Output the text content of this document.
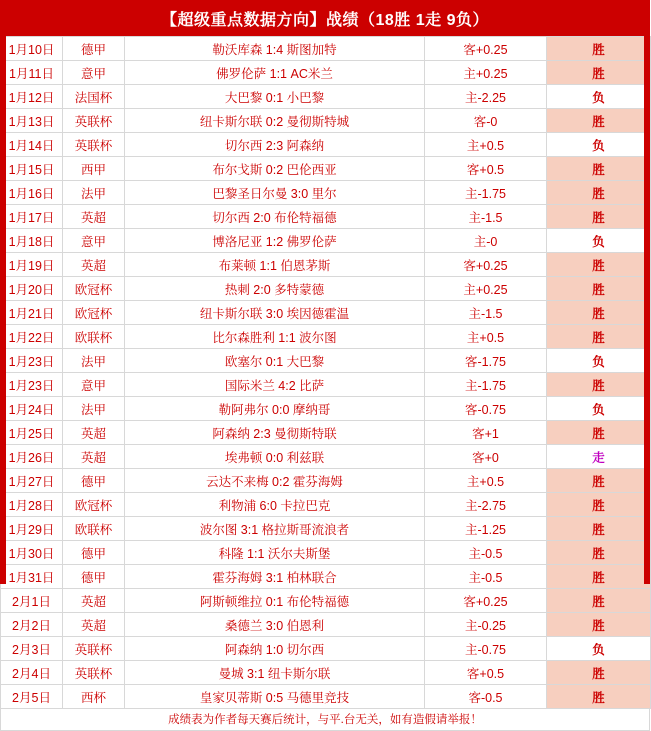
【超级重点数据方向】战绩（18胜 1走 9负）
1月10日	德甲	勒沃库森 1:4 斯图加特	客+0.25	胜
1月11日	意甲	佛罗伦萨 1:1 AC米兰	主+0.25	胜
1月12日	法国杯	大巴黎 0:1 小巴黎	主-2.25	负
1月13日	英联杯	纽卡斯尔联 0:2 曼彻斯特城	客-0	胜
1月14日	英联杯	切尔西 2:3 阿森纳	主+0.5	负
1月15日	西甲	布尔戈斯 0:2 巴伦西亚	客+0.5	胜
1月16日	法甲	巴黎圣日尔曼 3:0 里尔	主-1.75	胜
1月17日	英超	切尔西 2:0 布伦特福德	主-1.5	胜
1月18日	意甲	博洛尼亚 1:2 佛罗伦萨	主-0	负
1月19日	英超	布莱顿 1:1 伯恩茅斯	客+0.25	胜
1月20日	欧冠杯	热刺 2:0 多特蒙德	主+0.25	胜
1月21日	欧冠杯	纽卡斯尔联 3:0 埃因德霍温	主-1.5	胜
1月22日	欧联杯	比尔森胜利 1:1 波尔图	主+0.5	胜
1月23日	法甲	欧塞尔 0:1 大巴黎	客-1.75	负
1月23日	意甲	国际米兰 4:2 比萨	主-1.75	胜
1月24日	法甲	勒阿弗尔 0:0 摩纳哥	客-0.75	负
1月25日	英超	阿森纳 2:3 曼彻斯特联	客+1	胜
1月26日	英超	埃弗顿 0:0 利兹联	客+0	走
1月27日	德甲	云达不来梅 0:2 霍芬海姆	主+0.5	胜
1月28日	欧冠杯	利物浦 6:0 卡拉巴克	主-2.75	胜
1月29日	欧联杯	波尔图 3:1 格拉斯哥流浪者	主-1.25	胜
1月30日	德甲	科隆 1:1 沃尔夫斯堡	主-0.5	胜
1月31日	德甲	霍芬海姆 3:1 柏林联合	主-0.5	胜
2月1日	英超	阿斯顿维拉 0:1 布伦特福德	客+0.25	胜
2月2日	英超	桑德兰 3:0 伯恩利	主-0.25	胜
2月3日	英联杯	阿森纳 1:0 切尔西	主-0.75	负
2月4日	英联杯	曼城 3:1 纽卡斯尔联	客+0.5	胜
2月5日	西杯	皇家贝蒂斯 0:5 马德里竞技	客-0.5	胜
成绩表为作者每天赛后统计，与平.台无关，如有造假请举报！
